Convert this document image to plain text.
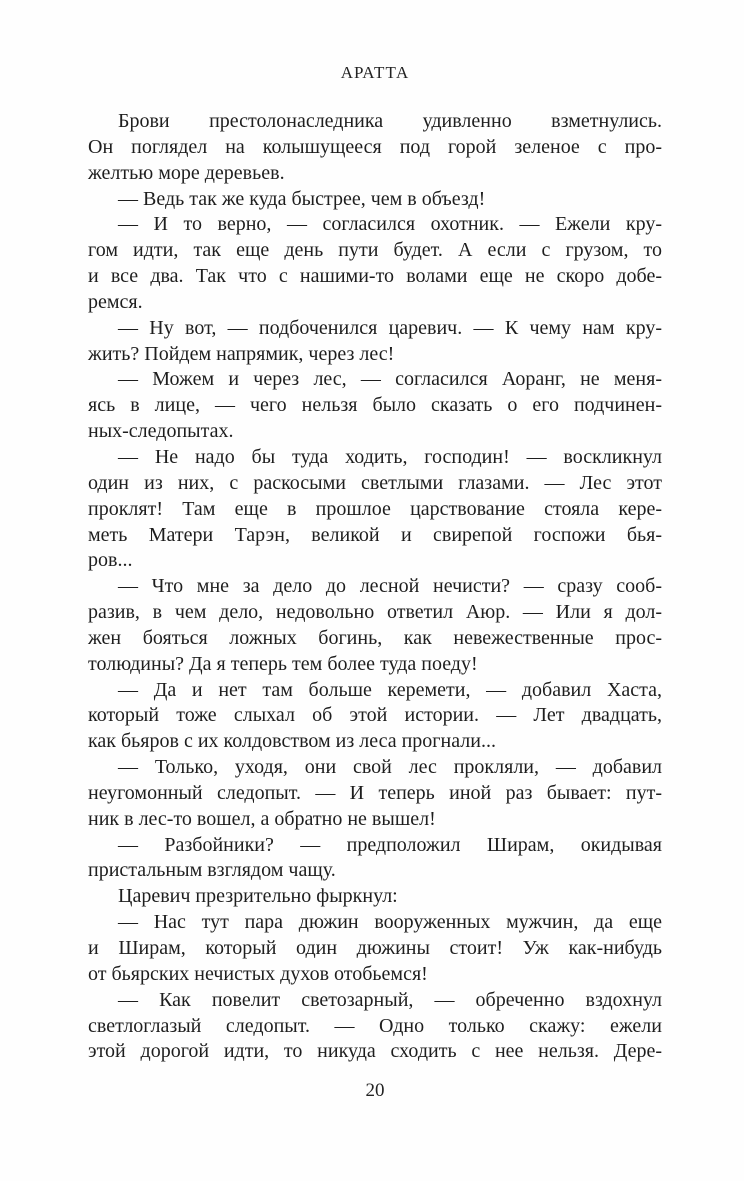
АРАТТА
Брови престолонаследника удивленно взметнулись.
Он поглядел на колышущееся под горой зеленое с про-
желтью море деревьев.
— Ведь так же куда быстрее, чем в объезд!
— И то верно, — согласился охотник. — Ежели кру-
гом идти, так еще день пути будет. А если с грузом, то
и все два. Так что с нашими-то волами еще не скоро добе-
ремся.
— Ну вот, — подбоченился царевич. — К чему нам кру-
жить? Пойдем напрямик, через лес!
— Можем и через лес, — согласился Аоранг, не меня-
ясь в лице, — чего нельзя было сказать о его подчинен-
ных-следопытах.
— Не надо бы туда ходить, господин! — воскликнул
один из них, с раскосыми светлыми глазами. — Лес этот
проклят! Там еще в прошлое царствование стояла кере-
меть Матери Тарэн, великой и свирепой госпожи бья-
ров...
— Что мне за дело до лесной нечисти? — сразу сооб-
разив, в чем дело, недовольно ответил Аюр. — Или я дол-
жен бояться ложных богинь, как невежественные прос-
толюдины? Да я теперь тем более туда поеду!
— Да и нет там больше керемети, — добавил Хаста,
который тоже слыхал об этой истории. — Лет двадцать,
как бьяров с их колдовством из леса прогнали...
— Только, уходя, они свой лес прокляли, — добавил
неугомонный следопыт. — И теперь иной раз бывает: пут-
ник в лес-то вошел, а обратно не вышел!
— Разбойники? — предположил Ширам, окидывая
пристальным взглядом чащу.
Царевич презрительно фыркнул:
— Нас тут пара дюжин вооруженных мужчин, да еще
и Ширам, который один дюжины стоит! Уж как-нибудь
от бьярских нечистых духов отобьемся!
— Как повелит светозарный, — обреченно вздохнул
светлоглазый следопыт. — Одно только скажу: ежели
этой дорогой идти, то никуда сходить с нее нельзя. Дере-
20
